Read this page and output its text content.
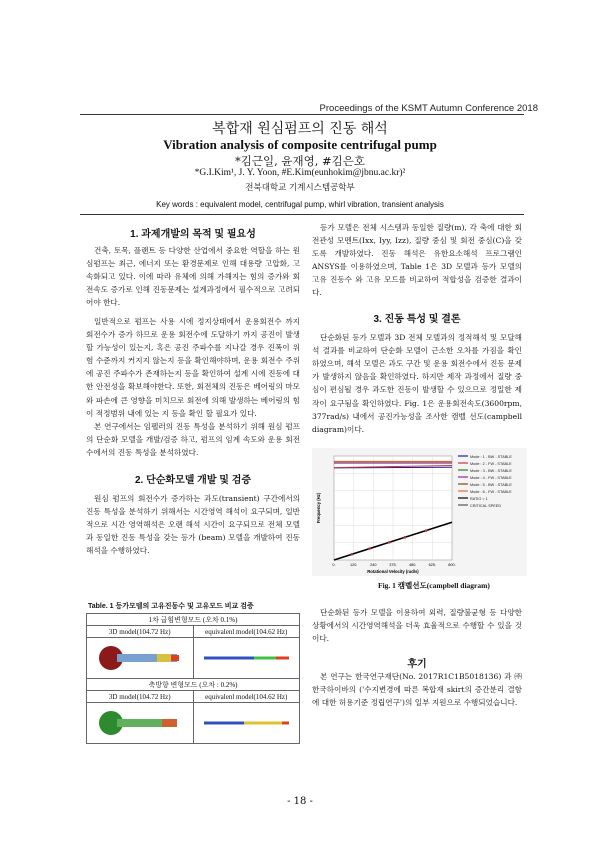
Proceedings of the KSMT Autumn Conference 2018
복합재 원심펌프의 진동 해석
Vibration analysis of composite centrifugal pump
*김근일, 윤재영, #김은호
*G.I.Kim¹, J. Y. Yoon, #E.Kim(eunhokim@jbnu.ac.kr)²
전북대학교 기계시스템공학부
Key words : equivalent model, centrifugal pump, whirl vibration, transient analysis
1. 과제개발의 목적 및 필요성

건축, 토목, 플랜트 등 다양한 산업에서 중요한 역할을 하는 원심펌프는 최근, 에너지 또는 환경문제로 인해 대용량 고압화, 고속화되고 있다. 이에 따라 유체에 의해 가해지는 힘의 증가와 회전속도 증가로 인해 진동문제는 설계과정에서 필수적으로 고려되어야 한다.

일반적으로 펌프는 사용 시에 정지상태에서 운용회전수 까지 회전수가 증가 하므로 운용 회전수에 도달하기 까지 공진이 발생할 가능성이 있는지, 혹은 공진 주파수를 지나갈 경우 진폭이 위험 수준까지 커지지 않는지 등을 확인해야하며, 운용 회전수 주위에 공진 주파수가 존재하는지 등을 확인하여 설계 시에 진동에 대한 안전성을 확보해야한다. 또한, 회전체의 진동은 베어링의 마모와 파손에 큰 영향을 미치므로 회전에 의해 발생하는 베어링의 힘이 적정범위 내에 있는 지 등을 확인 할 필요가 있다.

본 연구에서는 임펠러의 진동 특성을 분석하기 위해 원심 펌프의 단순화 모델을 개발/검증 하고, 펌프의 임계 속도와 운용 회전수에서의 진동 특성을 분석하였다.

2. 단순화모델 개발 및 검증

원심 펌프의 회전수가 증가하는 과도(transient) 구간에서의 진동 특성을 분석하기 위해서는 시간영역 해석이 요구되며, 일반적으로 시간 영역해석은 오랜 해석 시간이 요구되므로 전체 모델과 동일한 진동 특성을 갖는 등가 (beam) 모델을 개발하여 진동해석을 수행하였다.

Table. 1 등가모델의 고유진동수 및 고유모드 비교 검증
1차 굽힘변형모드 (오차 0.1%)	
3D model(104.72 Hz)	equivalenl model(104.62 Hz)

축방향 변형모드 (오차 : 0.2%)	
3D model(104.72 Hz)	equivalenl model(104.62 Hz)

등가 모델은 전체 시스템과 동일한 질량(m), 각 축에 대한 회전관성 모멘트(Ixx, Iyy, Izz), 질량 중심 및 회전 중심(C)을 갖도록 개발하였다. 진동 해석은 유한요소해석 프로그램인 ANSYS를 이용하였으며, Table 1은 3D 모델과 등가 모델의 고유 진동수 와 고유 모드를 비교하여 적합성을 검증한 결과이다.

3. 진동 특성 및 결론

단순화된 등가 모델과 3D 전체 모델과의 정적해석 및 모달해석 결과를 비교하여 단순화 모델이 근소한 오차를 가짐을 확인하였으며, 해석 모델은 과도 구간 및 운용 회전수에서 진동 문제가 발생하지 않음을 확인하였다. 하지만 제작 과정에서 질량 중심이 편심될 경우 과도한 진동이 발생할 수 있으므로 정밀한 제작이 요구됨을 확인하였다. Fig. 1은 운용회전속도(3600rpm, 377rad/s) 내에서 공진가능성을 조사한 캠벨 선도(campbell diagram)이다.

Mode : 1 - BW - STABLE
Mode : 2 - FW - STABLE
Mode : 3 - BW - STABLE
Mode : 4 - FW - STABLE
Mode : 5 - BW - STABLE
Mode : 6 - FW - STABLE
RATIO = 1
CRITICAL SPEED
0.	120.	240	375.	480.	625.	800.
Rotational Velocity (rad/s)
Frequency (Hz)
Fig. 1 캠벨선도(campbell diagram)

단순화된 등가 모델을 이용하여 외력, 질량불균형 등 다양한 상황에서의 시간영역해석을 더욱 효율적으로 수행할 수 있을 것이다.

후기

본 연구는 한국연구재단(No. 2017R1C1B5018136) 과 ㈜ 한국하이바의 ('수지변경에 따른 복합재 skirt의 증간분리 결함에 대한 허용기준 정립연구')의 일부 지원으로 수행되었습니다.

- 18 -
